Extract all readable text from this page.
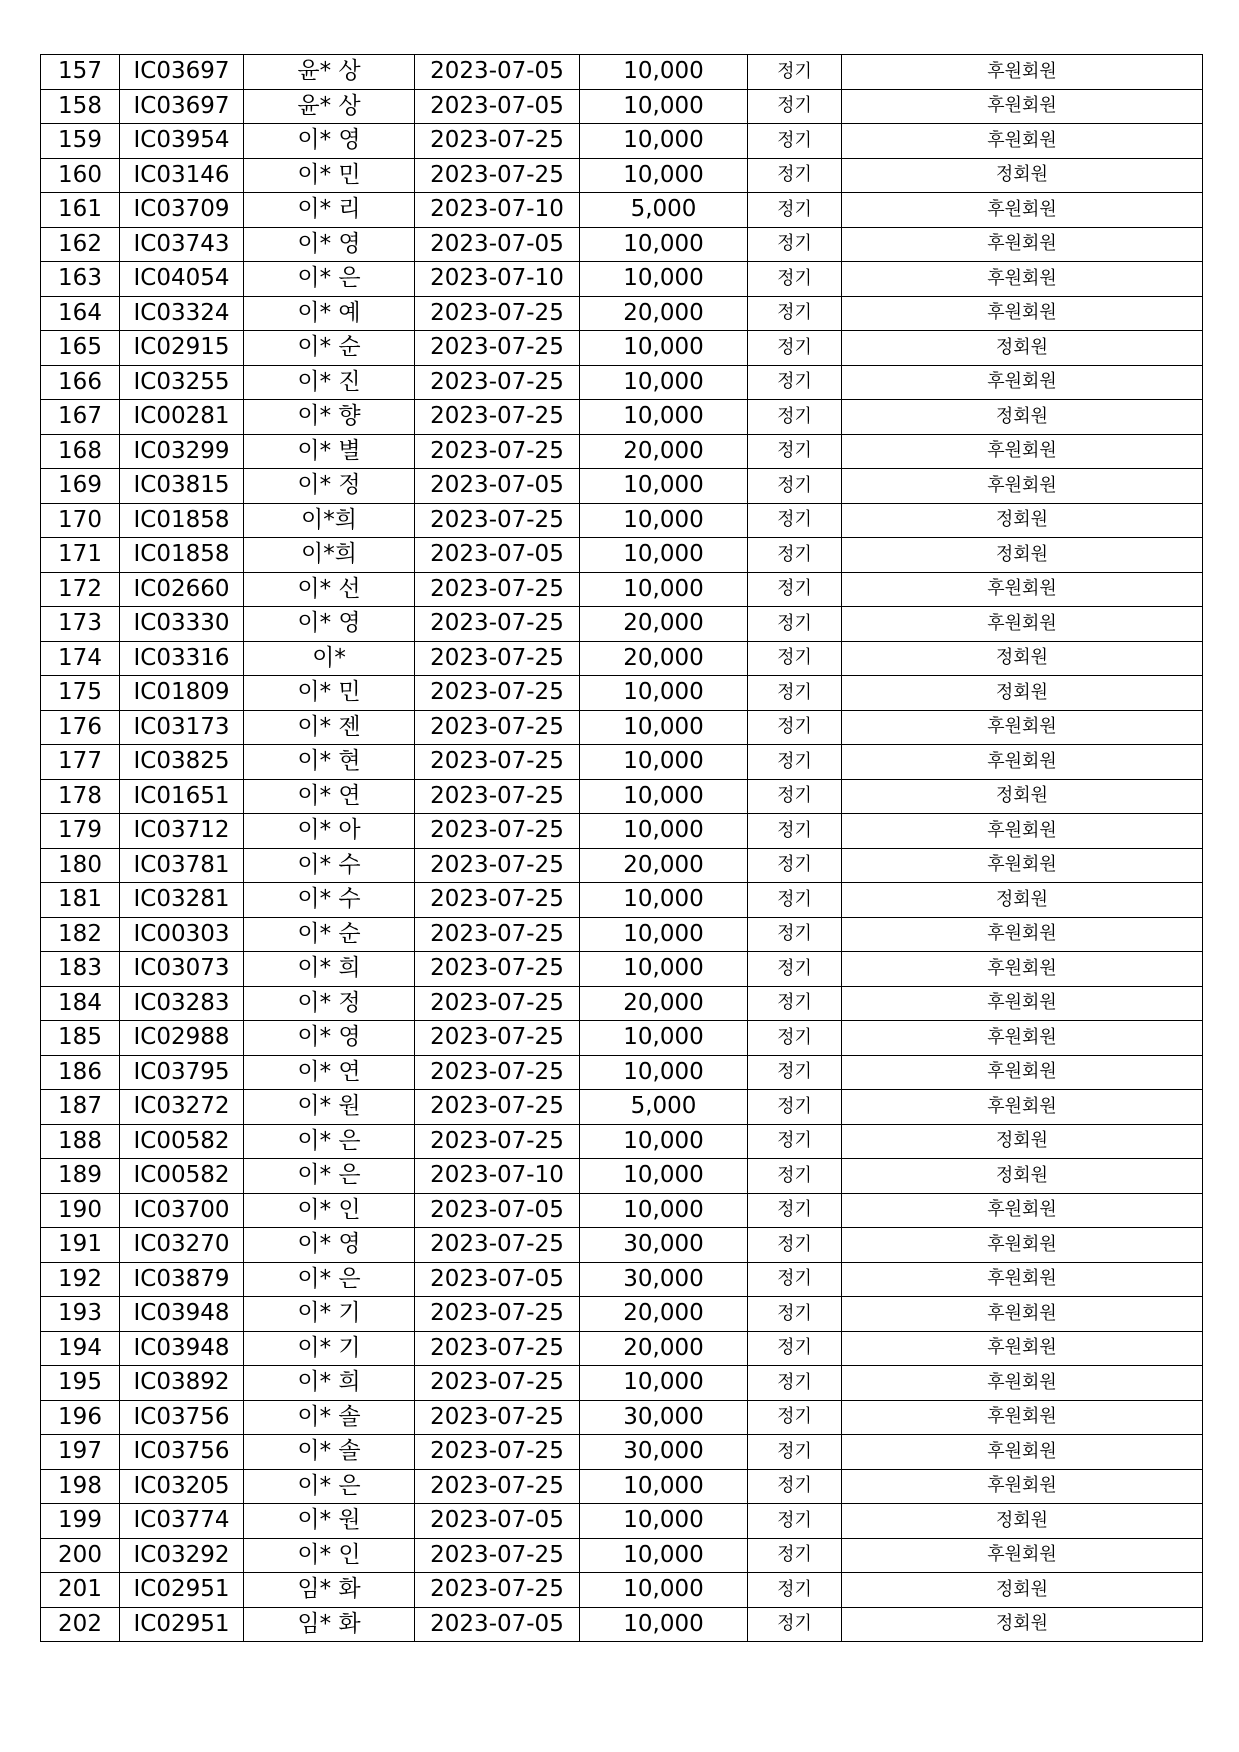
157	IC03697	윤* 상	2023-07-05	10,000	정기	후원회원
158	IC03697	윤* 상	2023-07-05	10,000	정기	후원회원
159	IC03954	이* 영	2023-07-25	10,000	정기	후원회원
160	IC03146	이* 민	2023-07-25	10,000	정기	정회원
161	IC03709	이* 리	2023-07-10	5,000	정기	후원회원
162	IC03743	이* 영	2023-07-05	10,000	정기	후원회원
163	IC04054	이* 은	2023-07-10	10,000	정기	후원회원
164	IC03324	이* 예	2023-07-25	20,000	정기	후원회원
165	IC02915	이* 순	2023-07-25	10,000	정기	정회원
166	IC03255	이* 진	2023-07-25	10,000	정기	후원회원
167	IC00281	이* 향	2023-07-25	10,000	정기	정회원
168	IC03299	이* 별	2023-07-25	20,000	정기	후원회원
169	IC03815	이* 정	2023-07-05	10,000	정기	후원회원
170	IC01858	이*희	2023-07-25	10,000	정기	정회원
171	IC01858	이*희	2023-07-05	10,000	정기	정회원
172	IC02660	이* 선	2023-07-25	10,000	정기	후원회원
173	IC03330	이* 영	2023-07-25	20,000	정기	후원회원
174	IC03316	이*	2023-07-25	20,000	정기	정회원
175	IC01809	이* 민	2023-07-25	10,000	정기	정회원
176	IC03173	이* 젠	2023-07-25	10,000	정기	후원회원
177	IC03825	이* 현	2023-07-25	10,000	정기	후원회원
178	IC01651	이* 연	2023-07-25	10,000	정기	정회원
179	IC03712	이* 아	2023-07-25	10,000	정기	후원회원
180	IC03781	이* 수	2023-07-25	20,000	정기	후원회원
181	IC03281	이* 수	2023-07-25	10,000	정기	정회원
182	IC00303	이* 순	2023-07-25	10,000	정기	후원회원
183	IC03073	이* 희	2023-07-25	10,000	정기	후원회원
184	IC03283	이* 정	2023-07-25	20,000	정기	후원회원
185	IC02988	이* 영	2023-07-25	10,000	정기	후원회원
186	IC03795	이* 연	2023-07-25	10,000	정기	후원회원
187	IC03272	이* 원	2023-07-25	5,000	정기	후원회원
188	IC00582	이* 은	2023-07-25	10,000	정기	정회원
189	IC00582	이* 은	2023-07-10	10,000	정기	정회원
190	IC03700	이* 인	2023-07-05	10,000	정기	후원회원
191	IC03270	이* 영	2023-07-25	30,000	정기	후원회원
192	IC03879	이* 은	2023-07-05	30,000	정기	후원회원
193	IC03948	이* 기	2023-07-25	20,000	정기	후원회원
194	IC03948	이* 기	2023-07-25	20,000	정기	후원회원
195	IC03892	이* 희	2023-07-25	10,000	정기	후원회원
196	IC03756	이* 솔	2023-07-25	30,000	정기	후원회원
197	IC03756	이* 솔	2023-07-25	30,000	정기	후원회원
198	IC03205	이* 은	2023-07-25	10,000	정기	후원회원
199	IC03774	이* 원	2023-07-05	10,000	정기	정회원
200	IC03292	이* 인	2023-07-25	10,000	정기	후원회원
201	IC02951	임* 화	2023-07-25	10,000	정기	정회원
202	IC02951	임* 화	2023-07-05	10,000	정기	정회원
